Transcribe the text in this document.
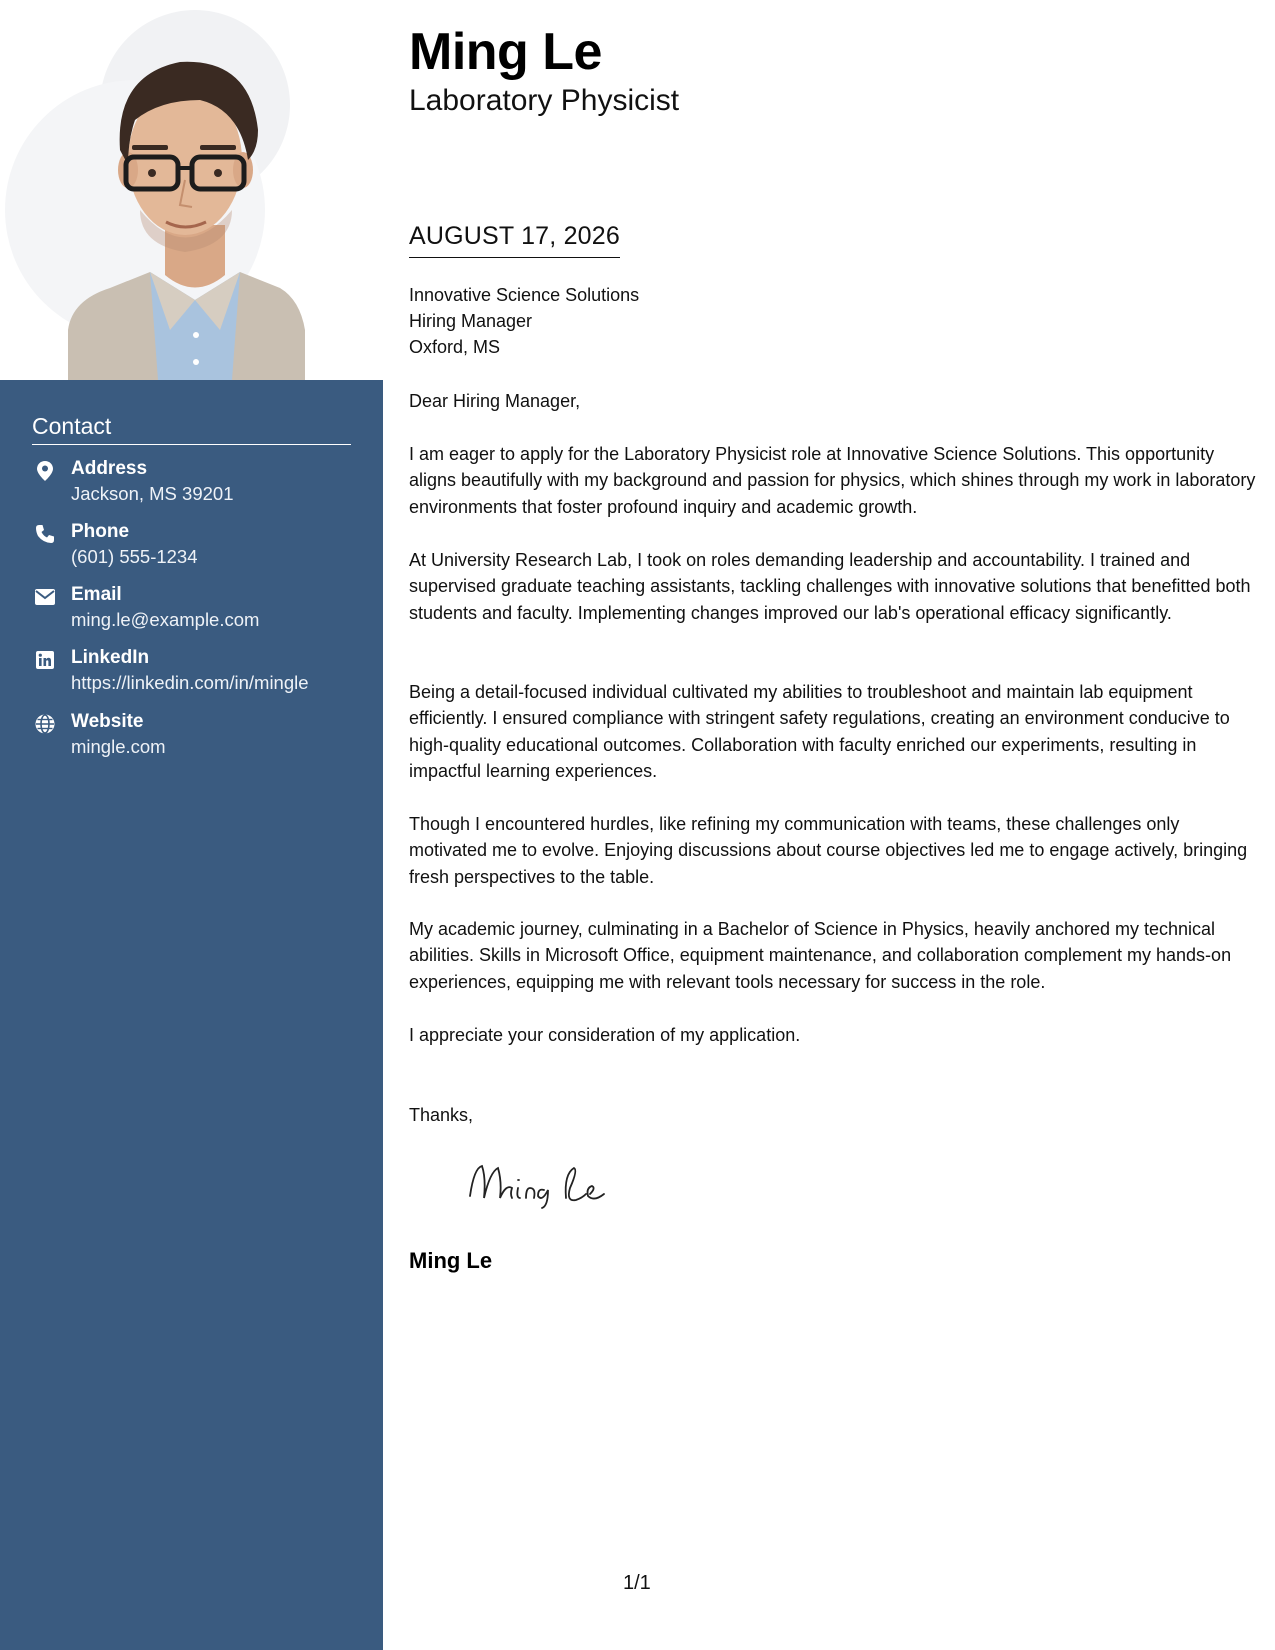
Contact
Address
Jackson, MS 39201
Phone
(601) 555-1234
Email
ming.le@example.com
LinkedIn
https://linkedin.com/in/mingle
Website
mingle.com
Ming Le
Laboratory Physicist
AUGUST 17, 2026
Innovative Science Solutions
Hiring Manager
Oxford, MS

Dear Hiring Manager,

I am eager to apply for the Laboratory Physicist role at Innovative Science Solutions. This opportunity aligns beautifully with my background and passion for physics, which shines through my work in laboratory environments that foster profound inquiry and academic growth.

At University Research Lab, I took on roles demanding leadership and accountability. I trained and supervised graduate teaching assistants, tackling challenges with innovative solutions that benefitted both students and faculty. Implementing changes improved our lab's operational efficacy significantly.

Being a detail-focused individual cultivated my abilities to troubleshoot and maintain lab equipment efficiently. I ensured compliance with stringent safety regulations, creating an environment conducive to high-quality educational outcomes. Collaboration with faculty enriched our experiments, resulting in impactful learning experiences.

Though I encountered hurdles, like refining my communication with teams, these challenges only motivated me to evolve. Enjoying discussions about course objectives led me to engage actively, bringing fresh perspectives to the table.

My academic journey, culminating in a Bachelor of Science in Physics, heavily anchored my technical abilities. Skills in Microsoft Office, equipment maintenance, and collaboration complement my hands-on experiences, equipping me with relevant tools necessary for success in the role.

I appreciate your consideration of my application.

Thanks,

Ming Le
1/1
